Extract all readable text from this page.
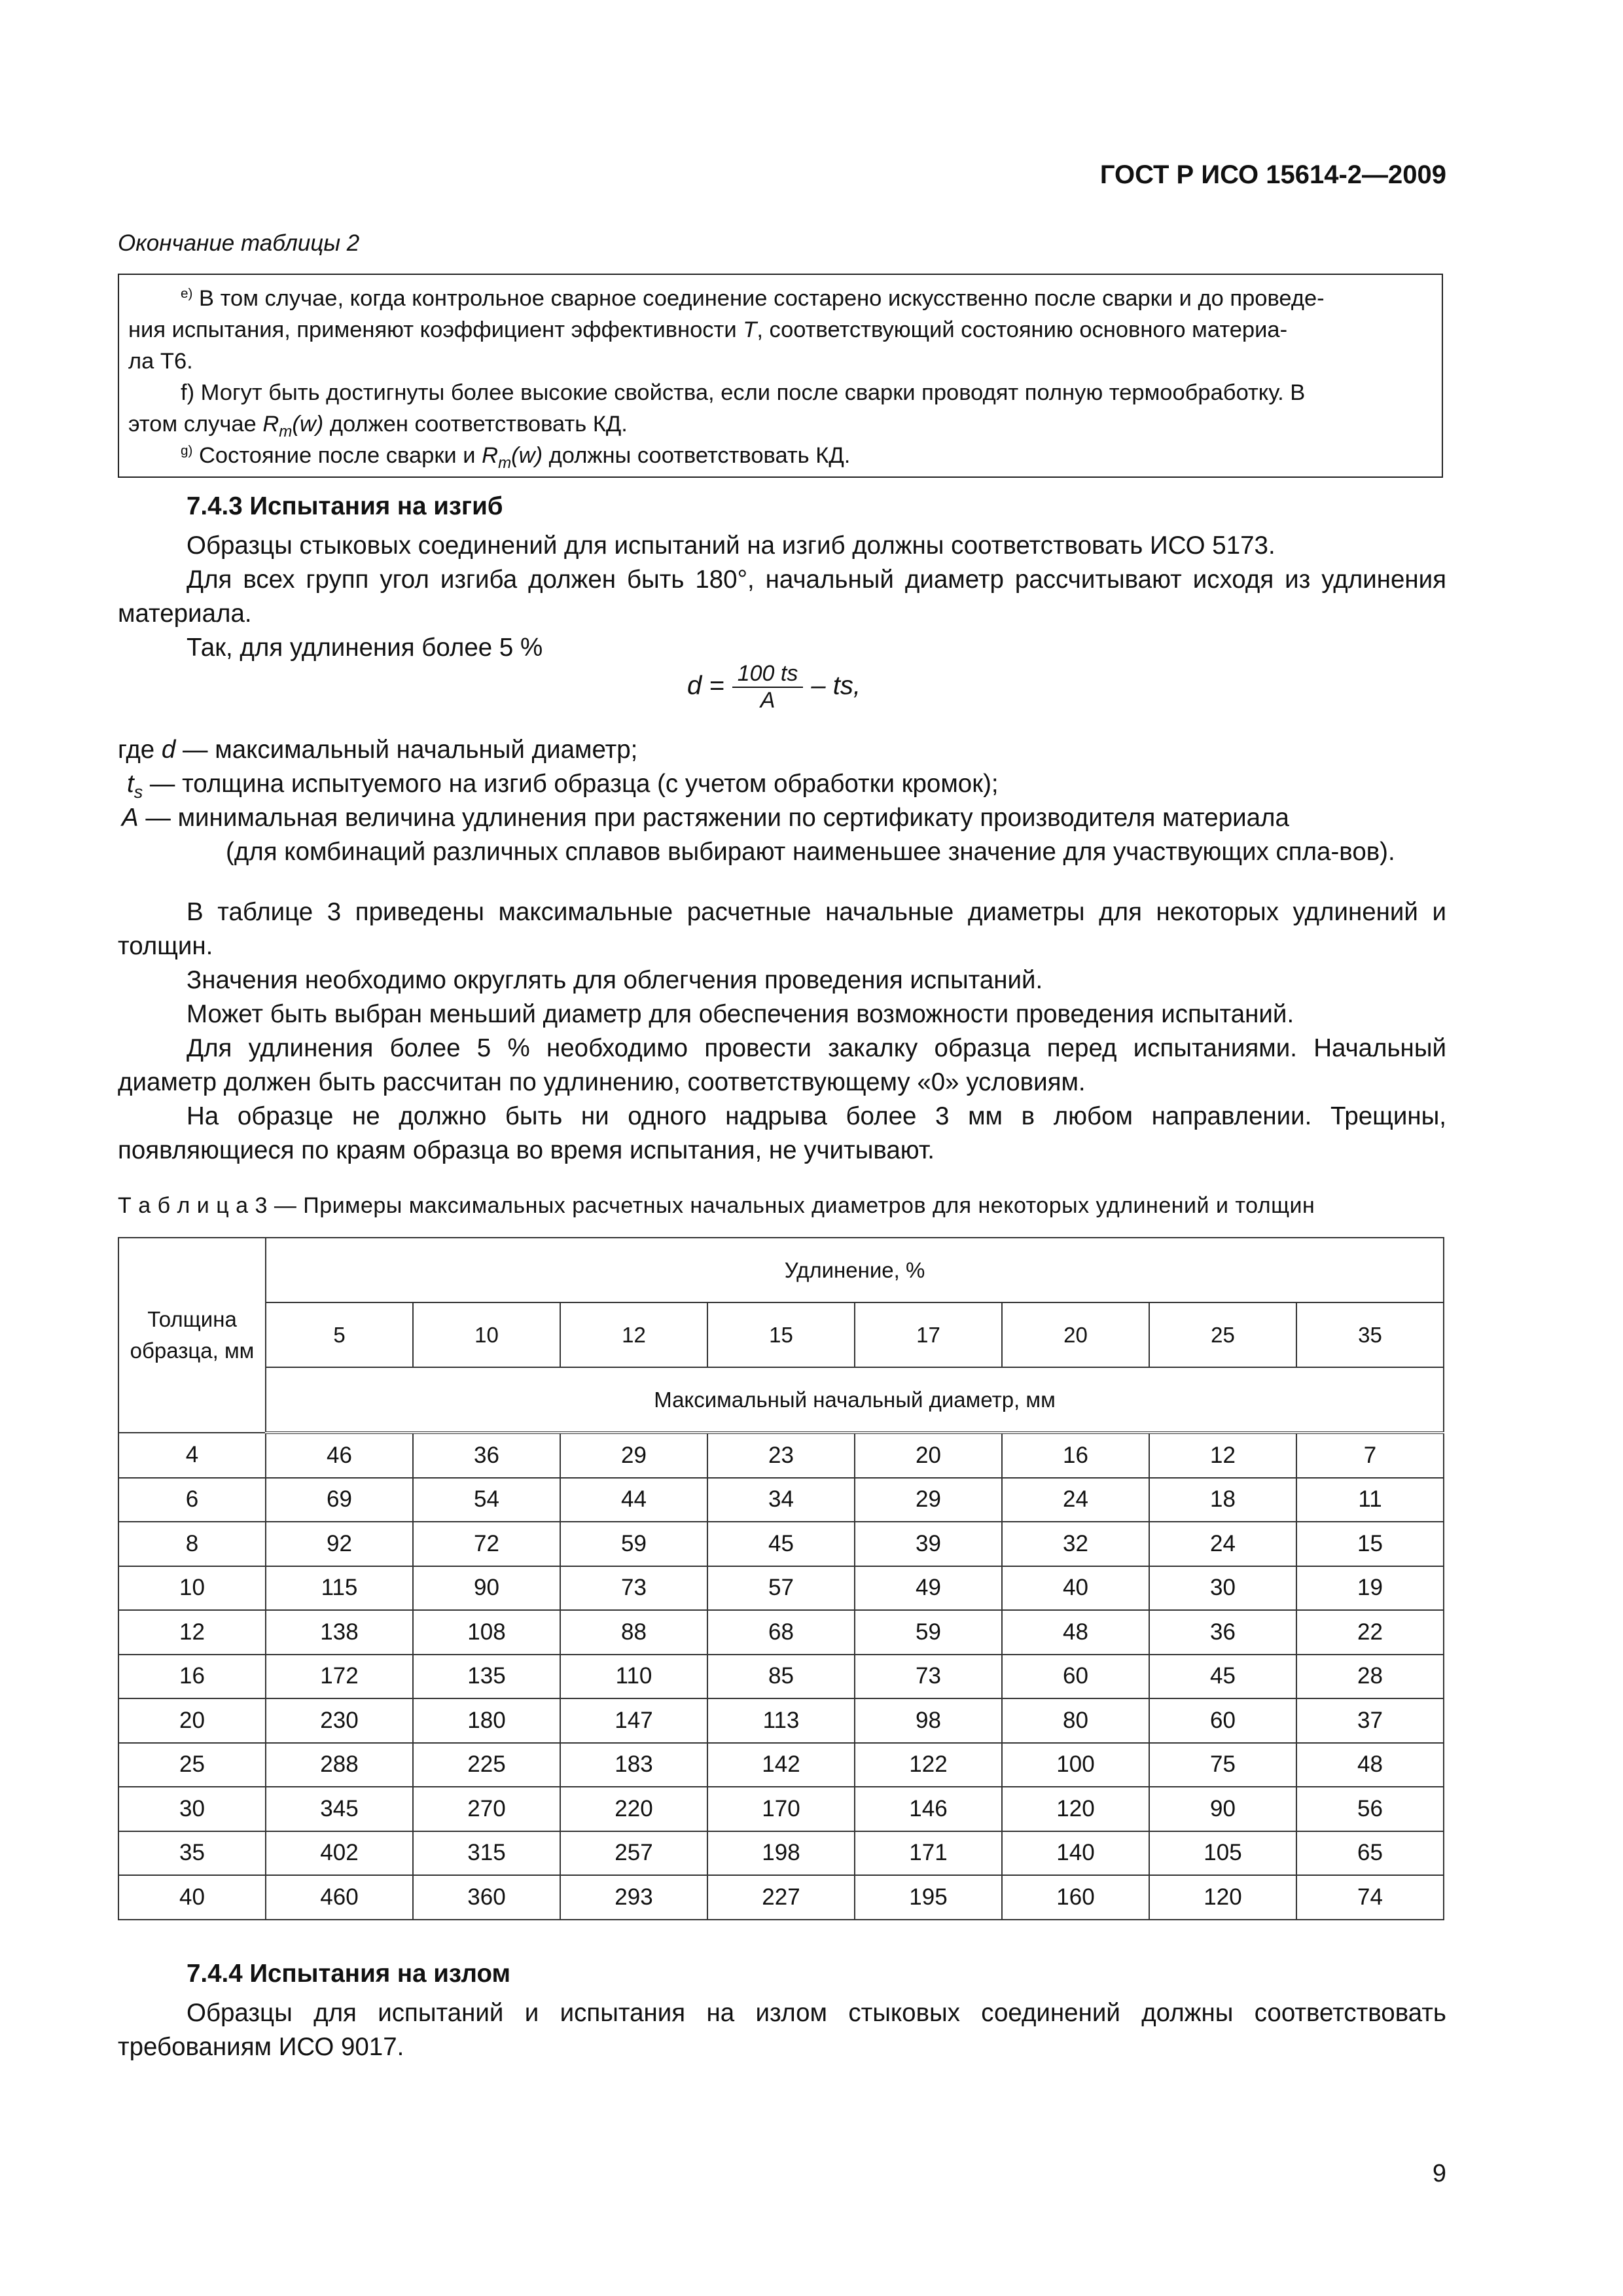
ГОСТ Р ИСО 15614-2—2009
Окончание таблицы 2
$^{e)}$ В том случае, когда контрольное сварное соединение состарено искусственно после сварки и до проведе-
ния испытания, применяют коэффициент эффективности T, соответствующий состоянию основного материа-
ла Т6.
f) Могут быть достигнуты более высокие свойства, если после сварки проводят полную термообработку. В
этом случае $R_m(w)$ должен соответствовать КД.
$^{g)}$ Состояние после сварки и $R_m(w)$ должны соответствовать КД.
7.4.3 Испытания на изгиб

Образцы стыковых соединений для испытаний на изгиб должны соответствовать ИСО 5173.

Для всех групп угол изгиба должен быть 180°, начальный диаметр рассчитывают исходя из удлинения материала.

Так, для удлинения более 5 %

$d = \frac{100 ts}{A}$ – ts,
где d — максимальный начальный диаметр;
$t_s$ — толщина испытуемого на изгиб образца (с учетом обработки кромок);
A — минимальная величина удлинения при растяжении по сертификату производителя материала
(для комбинаций различных сплавов выбирают наименьшее значение для участвующих спла-вов).

В таблице 3 приведены максимальные расчетные начальные диаметры для некоторых удлинений и толщин.

Значения необходимо округлять для облегчения проведения испытаний.

Может быть выбран меньший диаметр для обеспечения возможности проведения испытаний.

Для удлинения более 5 % необходимо провести закалку образца перед испытаниями. Начальный диаметр должен быть рассчитан по удлинению, соответствующему «0» условиям.

На образце не должно быть ни одного надрыва более 3 мм в любом направлении. Трещины, появляющиеся по краям образца во время испытания, не учитывают.

Т а б л и ц а 3 — Примеры максимальных расчетных начальных диаметров для некоторых удлинений и толщин
Толщина образца, мм	Удлинение, %							
	5	10	12	15	17	20	25	35
	Максимальный начальный диаметр, мм							
4	46	36	29	23	20	16	12	7
6	69	54	44	34	29	24	18	11
8	92	72	59	45	39	32	24	15
10	115	90	73	57	49	40	30	19
12	138	108	88	68	59	48	36	22
16	172	135	110	85	73	60	45	28
20	230	180	147	113	98	80	60	37
25	288	225	183	142	122	100	75	48
30	345	270	220	170	146	120	90	56
35	402	315	257	198	171	140	105	65
40	460	360	293	227	195	160	120	74
7.4.4 Испытания на излом

Образцы для испытаний и испытания на излом стыковых соединений должны соответствовать требованиям ИСО 9017.

9
